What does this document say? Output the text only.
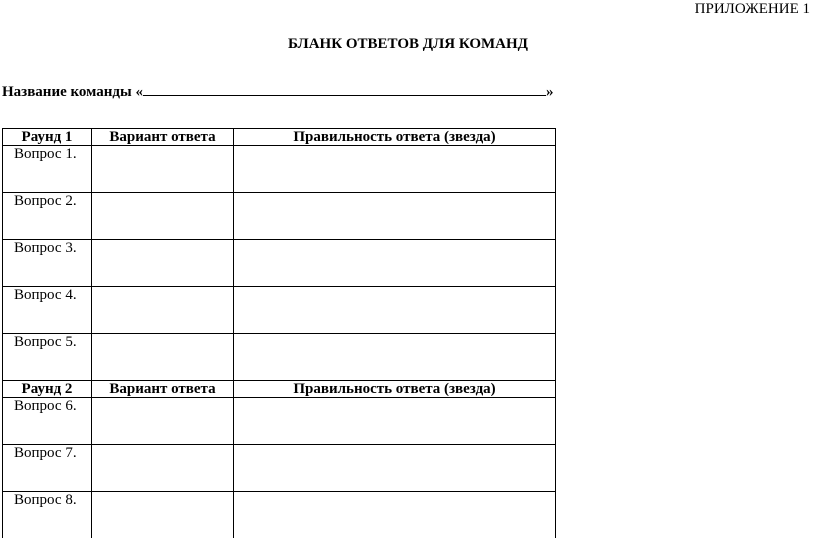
ПРИЛОЖЕНИЕ 1
БЛАНК ОТВЕТОВ ДЛЯ КОМАНД
Название команды «	»
Раунд 1	Вариант ответа	Правильность ответа (звезда)
Вопрос 1.		
Вопрос 2.		
Вопрос 3.		
Вопрос 4.		
Вопрос 5.		
Раунд 2	Вариант ответа	Правильность ответа (звезда)
Вопрос 6.		
Вопрос 7.		
Вопрос 8.		
